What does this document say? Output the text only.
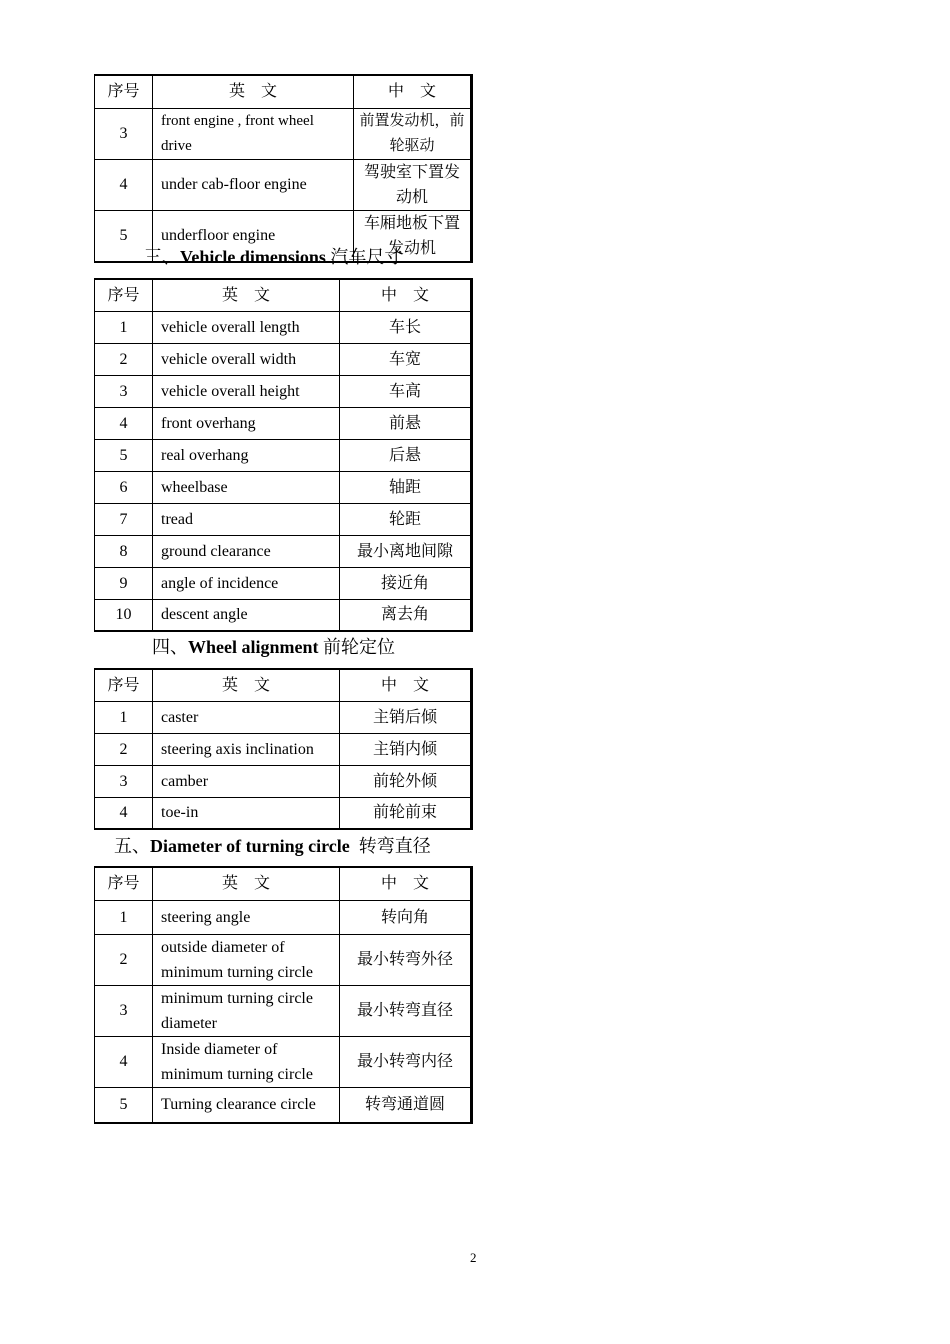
序号	英　文	中　文
3	front engine , front wheel drive	前置发动机，前轮驱动
4	under cab-floor engine	驾驶室下置发动机
5	underfloor engine	车厢地板下置发动机
三、Vehicle dimensions 汽车尺寸
序号	英　文	中　文
1	vehicle overall length	车长
2	vehicle overall width	车宽
3	vehicle overall height	车高
4	front overhang	前悬
5	real overhang	后悬
6	wheelbase	轴距
7	tread	轮距
8	ground clearance	最小离地间隙
9	angle of incidence	接近角
10	descent angle	离去角
四、Wheel alignment 前轮定位
序号	英　文	中　文
1	caster	主销后倾
2	steering axis inclination	主销内倾
3	camber	前轮外倾
4	toe-in	前轮前束
五、Diameter of turning circle  转弯直径
序号	英　文	中　文
1	steering angle	转向角
2	outside diameter of minimum turning circle	最小转弯外径
3	minimum turning circle diameter	最小转弯直径
4	Inside diameter of minimum turning circle	最小转弯内径
5	Turning clearance circle	转弯通道圆
2
